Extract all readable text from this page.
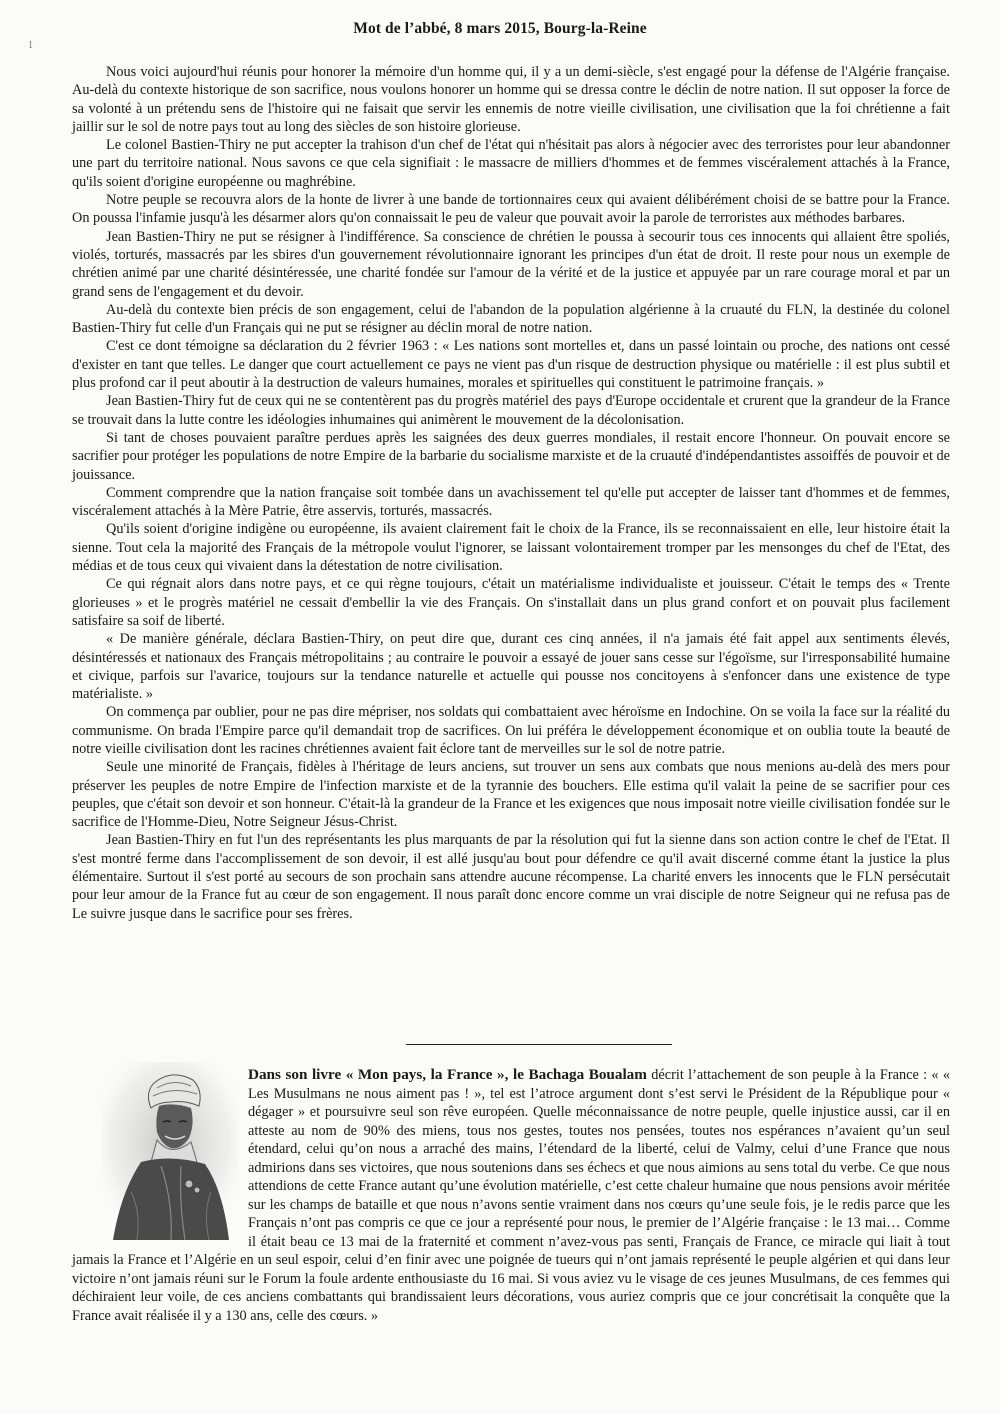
Mot de l’abbé, 8 mars 2015, Bourg-la-Reine
1

Nous voici aujourd'hui réunis pour honorer la mémoire d'un homme qui, il y a un demi-siècle, s'est engagé pour la défense de l'Algérie française. Au-delà du contexte historique de son sacrifice, nous voulons honorer un homme qui se dressa contre le déclin de notre nation. Il sut opposer la force de sa volonté à un prétendu sens de l'histoire qui ne faisait que servir les ennemis de notre vieille civilisation, une civilisation que la foi chrétienne a fait jaillir sur le sol de notre pays tout au long des siècles de son histoire glorieuse.

Le colonel Bastien-Thiry ne put accepter la trahison d'un chef de l'état qui n'hésitait pas alors à négocier avec des terroristes pour leur abandonner une part du territoire national. Nous savons ce que cela signifiait : le massacre de milliers d'hommes et de femmes viscéralement attachés à la France, qu'ils soient d'origine européenne ou maghrébine.

Notre peuple se recouvra alors de la honte de livrer à une bande de tortionnaires ceux qui avaient délibérément choisi de se battre pour la France. On poussa l'infamie jusqu'à les désarmer alors qu'on connaissait le peu de valeur que pouvait avoir la parole de terroristes aux méthodes barbares.

Jean Bastien-Thiry ne put se résigner à l'indifférence. Sa conscience de chrétien le poussa à secourir tous ces innocents qui allaient être spoliés, violés, torturés, massacrés par les sbires d'un gouvernement révolutionnaire ignorant les principes d'un état de droit. Il reste pour nous un exemple de chrétien animé par une charité désintéressée, une charité fondée sur l'amour de la vérité et de la justice et appuyée par un rare courage moral et par un grand sens de l'engagement et du devoir.

Au-delà du contexte bien précis de son engagement, celui de l'abandon de la population algérienne à la cruauté du FLN, la destinée du colonel Bastien-Thiry fut celle d'un Français qui ne put se résigner au déclin moral de notre nation.

C'est ce dont témoigne sa déclaration du 2 février 1963 : « Les nations sont mortelles et, dans un passé lointain ou proche, des nations ont cessé d'exister en tant que telles. Le danger que court actuellement ce pays ne vient pas d'un risque de destruction physique ou matérielle : il est plus subtil et plus profond car il peut aboutir à la destruction de valeurs humaines, morales et spirituelles qui constituent le patrimoine français. »

Jean Bastien-Thiry fut de ceux qui ne se contentèrent pas du progrès matériel des pays d'Europe occidentale et crurent que la grandeur de la France se trouvait dans la lutte contre les idéologies inhumaines qui animèrent le mouvement de la décolonisation.

Si tant de choses pouvaient paraître perdues après les saignées des deux guerres mondiales, il restait encore l'honneur. On pouvait encore se sacrifier pour protéger les populations de notre Empire de la barbarie du socialisme marxiste et de la cruauté d'indépendantistes assoiffés de pouvoir et de jouissance.

Comment comprendre que la nation française soit tombée dans un avachissement tel qu'elle put accepter de laisser tant d'hommes et de femmes, viscéralement attachés à la Mère Patrie, être asservis, torturés, massacrés.

Qu'ils soient d'origine indigène ou européenne, ils avaient clairement fait le choix de la France, ils se reconnaissaient en elle, leur histoire était la sienne. Tout cela la majorité des Français de la métropole voulut l'ignorer, se laissant volontairement tromper par les mensonges du chef de l'Etat, des médias et de tous ceux qui vivaient dans la détestation de notre civilisation.

Ce qui régnait alors dans notre pays, et ce qui règne toujours, c'était un matérialisme individualiste et jouisseur. C'était le temps des « Trente glorieuses » et le progrès matériel ne cessait d'embellir la vie des Français. On s'installait dans un plus grand confort et on pouvait plus facilement satisfaire sa soif de liberté.

« De manière générale, déclara Bastien-Thiry, on peut dire que, durant ces cinq années, il n'a jamais été fait appel aux sentiments élevés, désintéressés et nationaux des Français métropolitains ; au contraire le pouvoir a essayé de jouer sans cesse sur l'égoïsme, sur l'irresponsabilité humaine et civique, parfois sur l'avarice, toujours sur la tendance naturelle et actuelle qui pousse nos concitoyens à s'enfoncer dans une existence de type matérialiste. »

On commença par oublier, pour ne pas dire mépriser, nos soldats qui combattaient avec héroïsme en Indochine. On se voila la face sur la réalité du communisme. On brada l'Empire parce qu'il demandait trop de sacrifices. On lui préféra le développement économique et on oublia toute la beauté de notre vieille civilisation dont les racines chrétiennes avaient fait éclore tant de merveilles sur le sol de notre patrie.

Seule une minorité de Français, fidèles à l'héritage de leurs anciens, sut trouver un sens aux combats que nous menions au-delà des mers pour préserver les peuples de notre Empire de l'infection marxiste et de la tyrannie des bouchers. Elle estima qu'il valait la peine de se sacrifier pour ces peuples, que c'était son devoir et son honneur. C'était-là la grandeur de la France et les exigences que nous imposait notre vieille civilisation fondée sur le sacrifice de l'Homme-Dieu, Notre Seigneur Jésus-Christ.

Jean Bastien-Thiry en fut l'un des représentants les plus marquants de par la résolution qui fut la sienne dans son action contre le chef de l'Etat. Il s'est montré ferme dans l'accomplissement de son devoir, il est allé jusqu'au bout pour défendre ce qu'il avait discerné comme étant la justice la plus élémentaire. Surtout il s'est porté au secours de son prochain sans attendre aucune récompense. La charité envers les innocents que le FLN persécutait pour leur amour de la France fut au cœur de son engagement. Il nous paraît donc encore comme un vrai disciple de notre Seigneur qui ne refusa pas de Le suivre jusque dans le sacrifice pour ses frères.

Dans son livre « Mon pays, la France », le Bachaga Boualam décrit l’attachement de son peuple à la France : « « Les Musulmans ne nous aiment pas ! », tel est l’atroce argument dont s’est servi le Président de la République pour « dégager » et poursuivre seul son rêve européen. Quelle méconnaissance de notre peuple, quelle injustice aussi, car il en atteste au nom de 90% des miens, tous nos gestes, toutes nos pensées, toutes nos espérances n’avaient qu’un seul étendard, celui qu’on nous a arraché des mains, l’étendard de la liberté, celui de Valmy, celui d’une France que nous admirions dans ses victoires, que nous soutenions dans ses échecs et que nous aimions au sens total du verbe. Ce que nous attendions de cette France autant qu’une évolution matérielle, c’est cette chaleur humaine que nous pensions avoir méritée sur les champs de bataille et que nous n’avons sentie vraiment dans nos cœurs qu’une seule fois, je le redis parce que les Français n’ont pas compris ce que ce jour a représenté pour nous, le premier de l’Algérie française : le 13 mai… Comme il était beau ce 13 mai de la fraternité et comment n’avez-vous pas senti, Français de France, ce miracle qui liait à tout jamais la France et l’Algérie en un seul espoir, celui d’en finir avec une poignée de tueurs qui n’ont jamais représenté le peuple algérien et qui dans leur victoire n’ont jamais réuni sur le Forum la foule ardente enthousiaste du 16 mai. Si vous aviez vu le visage de ces jeunes Musulmans, de ces femmes qui déchiraient leur voile, de ces anciens combattants qui brandissaient leurs décorations, vous auriez compris que ce jour concrétisait la conquête que la France avait réalisée il y a 130 ans, celle des cœurs. »
